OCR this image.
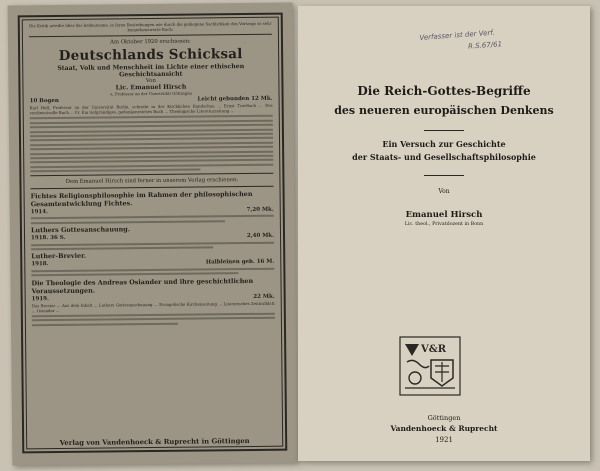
Die Kritik urteilte über das bedeutsame, in ihren Bestrebungen wie durch die gediegene Sachlichkeit des Vortrags so sehr bemerkenswerte Buch:
Am Oktober 1920 erschienen:
Deutschlands Schicksal
Staat, Volk und Menschheit im Lichte einer ethischen Geschichtsansicht
Von
Lic. Emanuel Hirsch
a. Professor an der Universität Göttingen
10 Bogen	Leicht gebunden 12 Mk.
Karl Holl, Professor an der Universität Berlin, schreibt in der Kirchlichen Rundschau ... Ernst Troeltsch ... Das verdienstvolle Buch ... Fr. Ein tiefgründiges, gedankenreiches Buch ... Theologische Literaturzeitung ...
Dem Emanuel Hirsch sind ferner in unserem Verlag erschienen:
Fichtes Religionsphilosophie im Rahmen der philosophischen Gesamtentwicklung Fichtes.
1914.	7,20 Mk.
Luthers Gottesanschauung.
1918. 36 S.	2,40 Mk.
Luther-Brevier.
1918.	Halbleinen geb. 16 M.
Die Theologie des Andreas Osiander und ihre geschichtlichen Voraussetzungen.
1919.	22 Mk.
Das Brevier ... Aus dem Inhalt ... Luthers Gottesanschauung ... Evangelische Kirchenzeitung ... Literarisches Zentralblatt ... Osiander ...
Verlag von Vandenhoeck & Ruprecht in Göttingen
Verfasser ist der Verf.
R.S.67/61
Die Reich-Gottes-Begriffe
des neueren europäischen Denkens
Ein Versuch zur Geschichte
der Staats- und Gesellschaftsphilosophie
Von
Emanuel Hirsch
Lic. theol., Privatdozent in Bonn
V&R
Göttingen
Vandenhoeck & Ruprecht
1921
